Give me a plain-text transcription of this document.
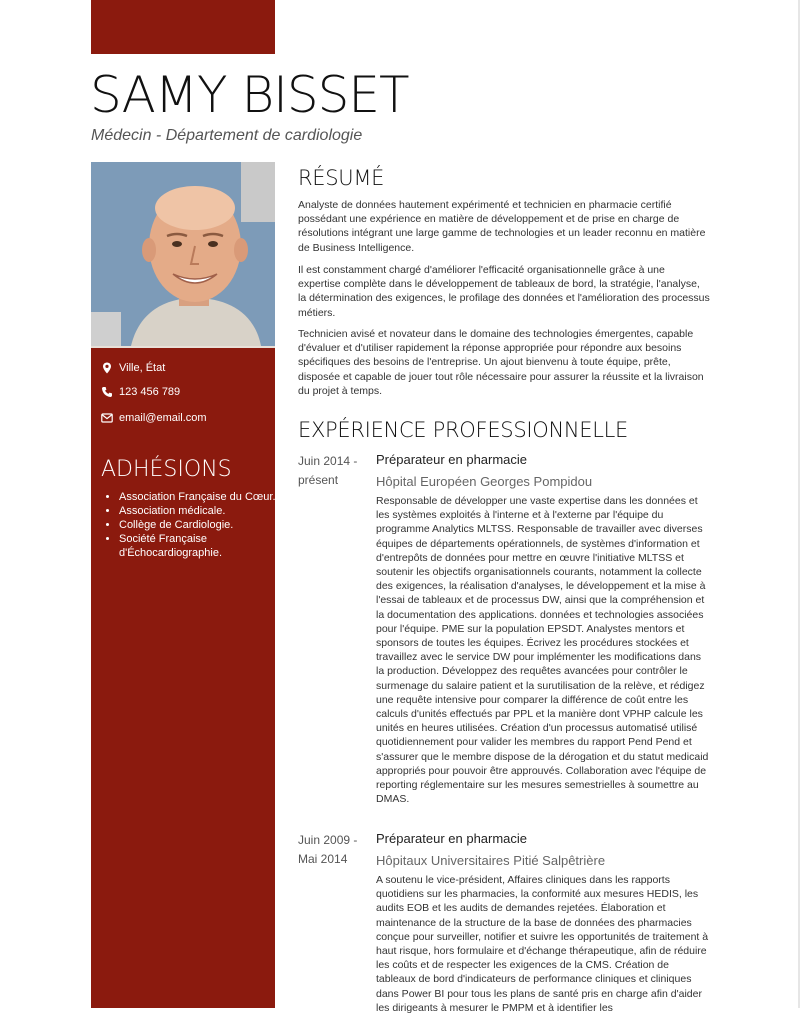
SAMY BISSET
Médecin - Département de cardiologie
Ville, État
123 456 789
email@email.com
ADHÉSIONS
• Association Française du Cœur.
• Association médicale.
• Collège de Cardiologie.
• Société Française d'Échocardiographie.
RÉSUMÉ

Analyste de données hautement expérimenté et technicien en pharmacie certifié possédant une expérience en matière de développement et de prise en charge de résolutions intégrant une large gamme de technologies et un leader reconnu en matière de Business Intelligence.

Il est constamment chargé d'améliorer l'efficacité organisationnelle grâce à une expertise complète dans le développement de tableaux de bord, la stratégie, l'analyse, la détermination des exigences, le profilage des données et l'amélioration des processus métiers.

Technicien avisé et novateur dans le domaine des technologies émergentes, capable d'évaluer et d'utiliser rapidement la réponse appropriée pour répondre aux besoins spécifiques des besoins de l'entreprise. Un ajout bienvenu à toute équipe, prête, disposée et capable de jouer tout rôle nécessaire pour assurer la réussite et la livraison du projet à temps.

EXPÉRIENCE PROFESSIONNELLE
Juin 2014 -
présent
Préparateur en pharmacie
Hôpital Européen Georges Pompidou

Responsable de développer une vaste expertise dans les données et les systèmes exploités à l'interne et à l'externe par l'équipe du programme Analytics MLTSS. Responsable de travailler avec diverses équipes de départements opérationnels, de systèmes d'information et d'entrepôts de données pour mettre en œuvre l'initiative MLTSS et soutenir les objectifs organisationnels courants, notamment la collecte des exigences, la réalisation d'analyses, le développement et la mise à l'essai de tableaux et de processus DW, ainsi que la compréhension et la documentation des applications. données et technologies associées pour l'équipe. PME sur la population EPSDT. Analystes mentors et sponsors de toutes les équipes. Écrivez les procédures stockées et travaillez avec le service DW pour implémenter les modifications dans la production. Développez des requêtes avancées pour contrôler le surmenage du salaire patient et la surutilisation de la relève, et rédigez une requête intensive pour comparer la différence de coût entre les calculs d'unités effectués par PPL et la manière dont VPHP calcule les unités en heures utilisées. Création d'un processus automatisé utilisé quotidiennement pour valider les membres du rapport Pend Pend et s'assurer que le membre dispose de la dérogation et du statut medicaid appropriés pour pouvoir être approuvés. Collaboration avec l'équipe de reporting réglementaire sur les mesures semestrielles à soumettre au DMAS.

Juin 2009 -
Mai 2014
Préparateur en pharmacie
Hôpitaux Universitaires Pitié Salpêtrière

A soutenu le vice-président, Affaires cliniques dans les rapports quotidiens sur les pharmacies, la conformité aux mesures HEDIS, les audits EOB et les audits de demandes rejetées. Élaboration et maintenance de la structure de la base de données des pharmacies conçue pour surveiller, notifier et suivre les opportunités de traitement à haut risque, hors formulaire et d'échange thérapeutique, afin de réduire les coûts et de respecter les exigences de la CMS. Création de tableaux de bord d'indicateurs de performance cliniques et cliniques dans Power BI pour tous les plans de santé pris en charge afin d'aider les dirigeants à mesurer le PMPM et à identifier les
